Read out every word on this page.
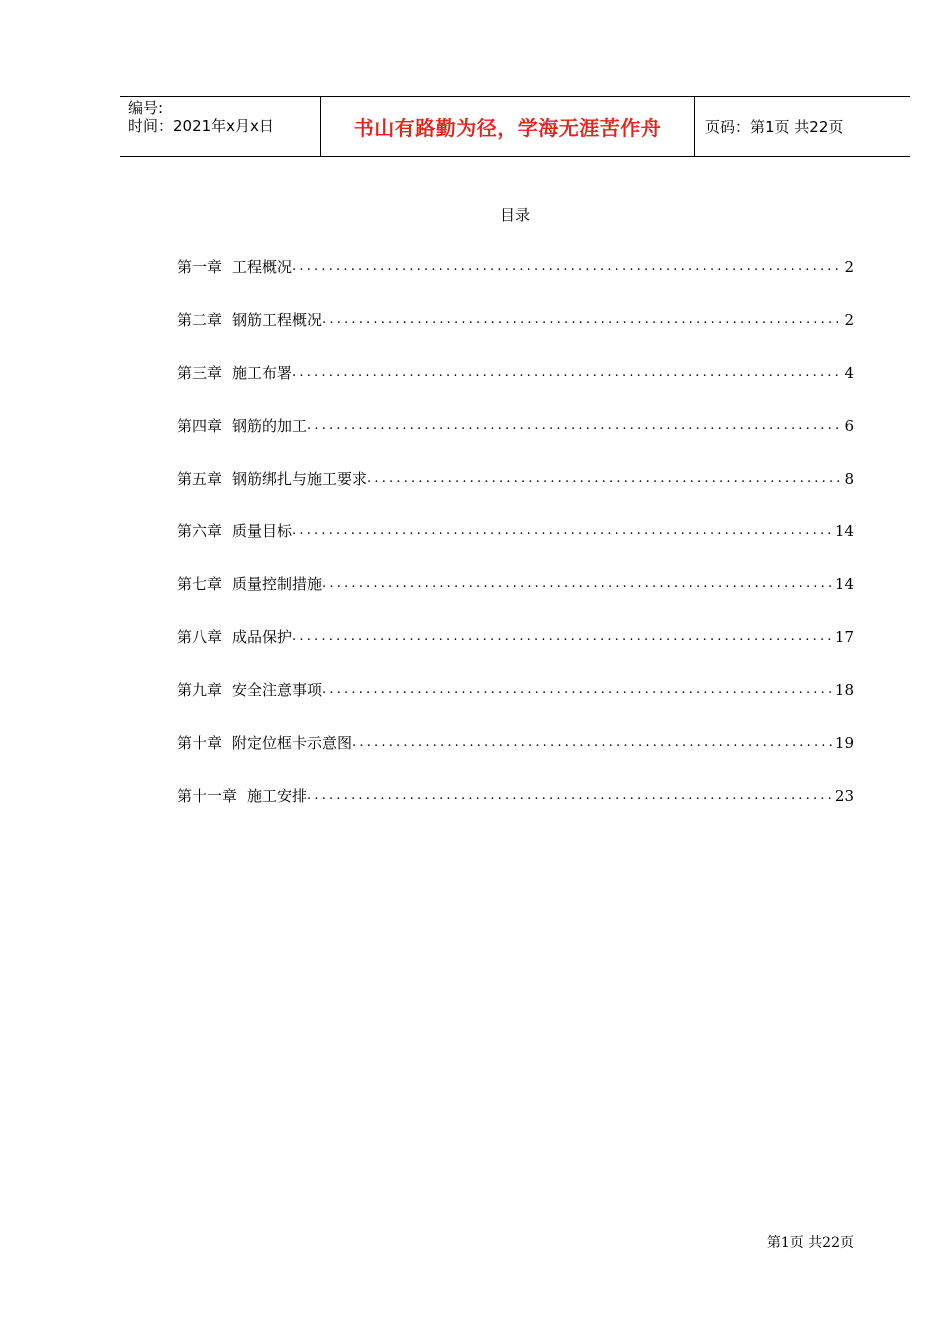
编号:
时间：2021年x月x日	书山有路勤为径，学海无涯苦作舟	页码：第1页 共22页
目录
第一章 工程概况 .....	2
第二章 钢筋工程概况 .....	2
第三章 施工布署 .....	4
第四章 钢筋的加工 .....	6
第五章 钢筋绑扎与施工要求 .....	8
第六章 质量目标 .....	14
第七章 质量控制措施 .....	14
第八章 成品保护 .....	17
第九章 安全注意事项 .....	18
第十章 附定位框卡示意图 .....	19
第十一章 施工安排 .....	23
第1页 共22页
